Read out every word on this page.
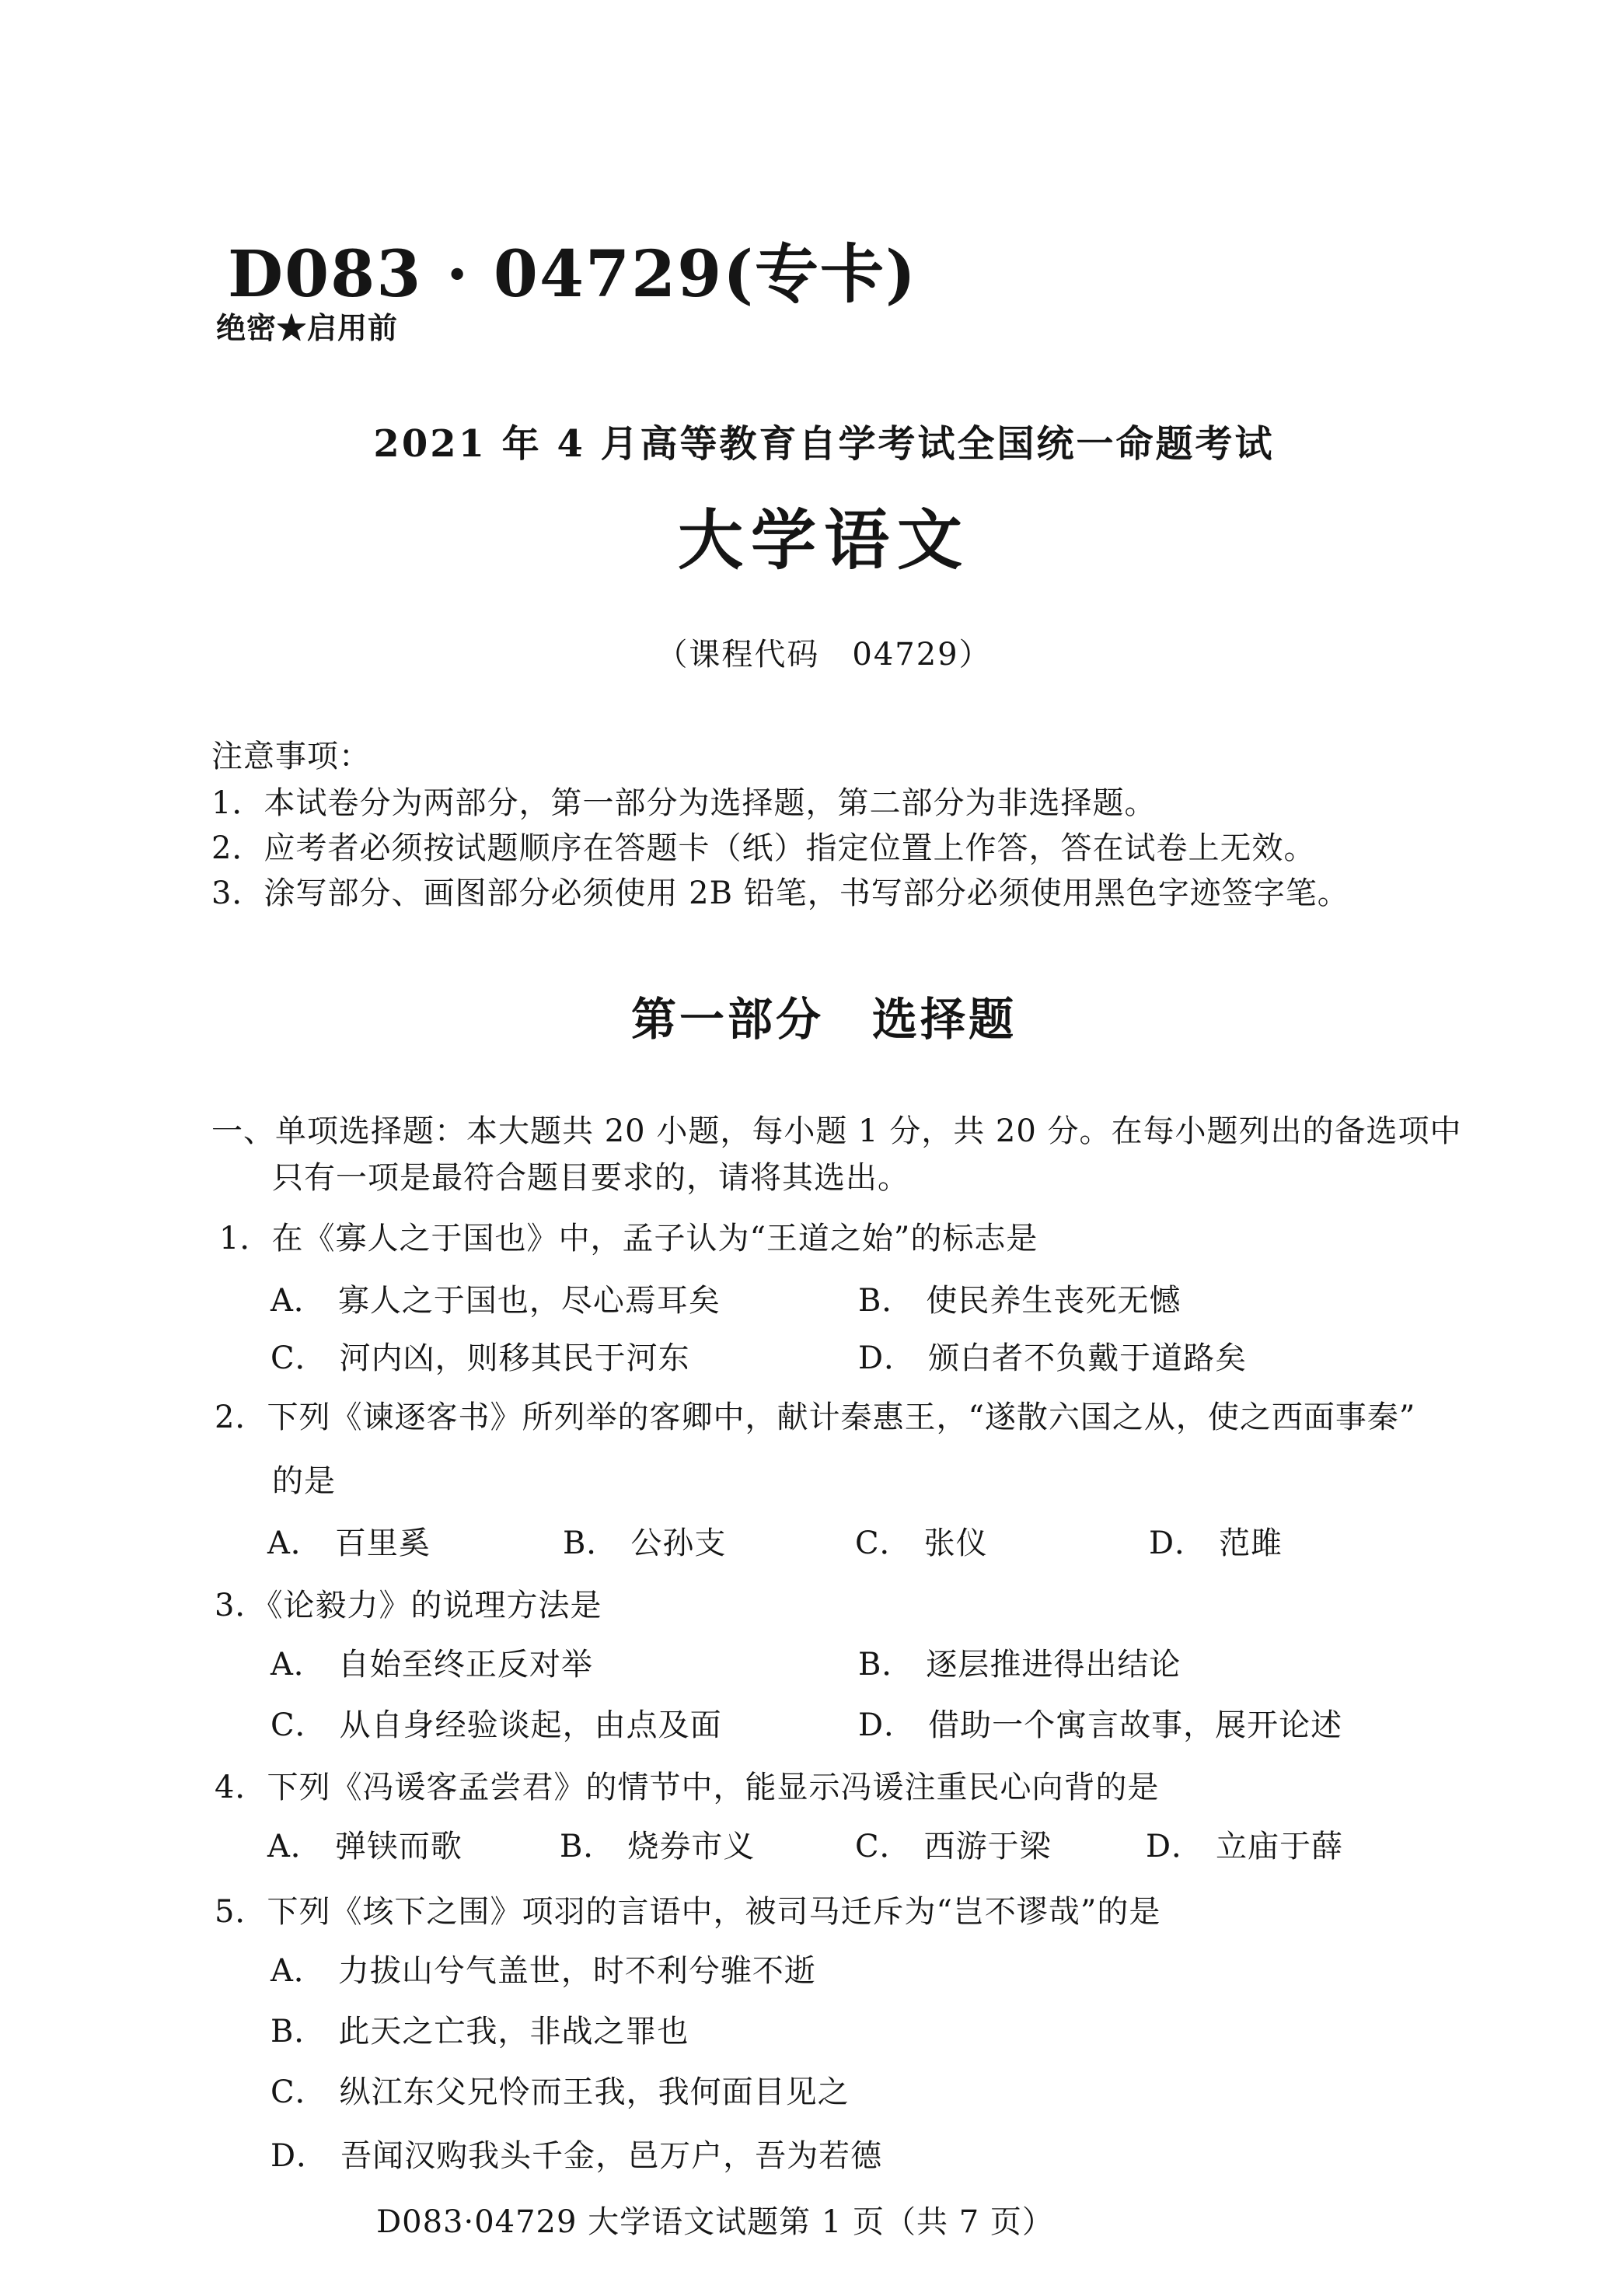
D083 · 04729(专卡)
绝密★启用前
2021 年 4 月高等教育自学考试全国统一命题考试
大学语文
（课程代码　04729）
注意事项：
1．本试卷分为两部分，第一部分为选择题，第二部分为非选择题。
2．应考者必须按试题顺序在答题卡（纸）指定位置上作答，答在试卷上无效。
3．涂写部分、画图部分必须使用 2B 铅笔，书写部分必须使用黑色字迹签字笔。
第一部分　选择题
一、单项选择题：本大题共 20 小题，每小题 1 分，共 20 分。在每小题列出的备选项中
只有一项是最符合题目要求的，请将其选出。
1．在《寡人之于国也》中，孟子认为“王道之始”的标志是
A． 寡人之于国也，尽心焉耳矣	B． 使民养生丧死无憾
C． 河内凶，则移其民于河东	D． 颁白者不负戴于道路矣
2．下列《谏逐客书》所列举的客卿中，献计秦惠王，“遂散六国之从，使之西面事秦”
的是
A． 百里奚	B． 公孙支	C． 张仪	D． 范雎
3．《论毅力》的说理方法是
A． 自始至终正反对举	B． 逐层推进得出结论
C． 从自身经验谈起，由点及面	D． 借助一个寓言故事，展开论述
4．下列《冯谖客孟尝君》的情节中，能显示冯谖注重民心向背的是
A． 弹铗而歌	B． 烧券市义	C． 西游于梁	D． 立庙于薛
5．下列《垓下之围》项羽的言语中，被司马迁斥为“岂不谬哉”的是
A． 力拔山兮气盖世，时不利兮骓不逝
B． 此天之亡我，非战之罪也
C． 纵江东父兄怜而王我，我何面目见之
D． 吾闻汉购我头千金，邑万户，吾为若德
D083·04729 大学语文试题第 1 页（共 7 页）
